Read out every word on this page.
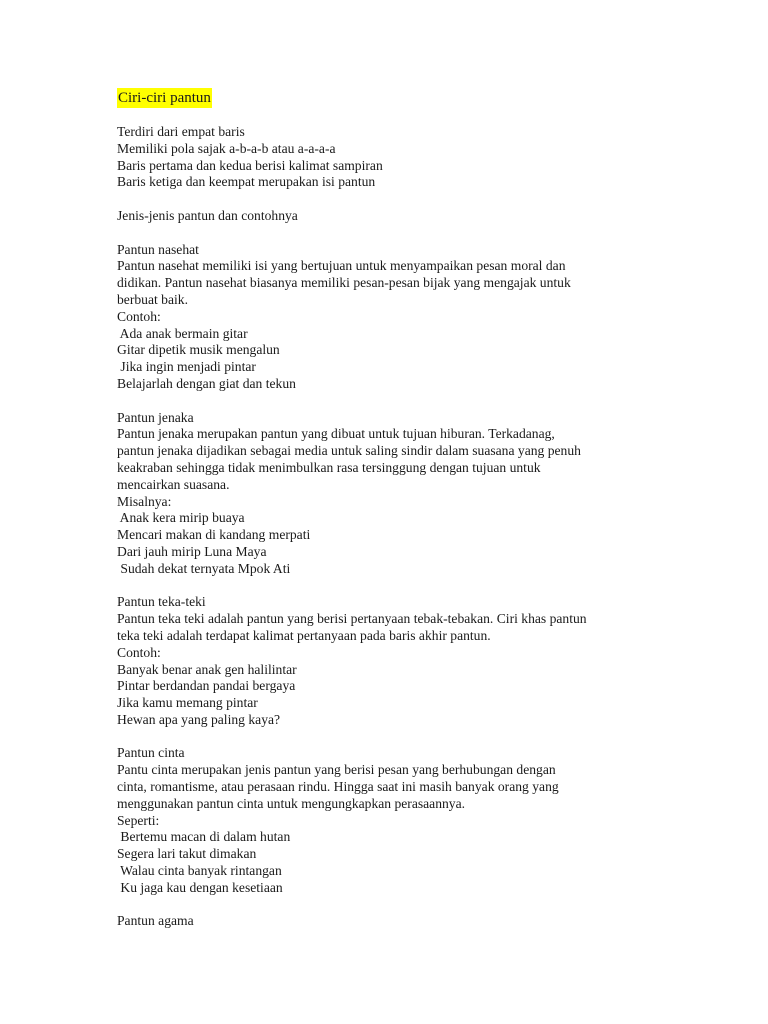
Ciri-ciri pantun
Terdiri dari empat baris
Memiliki pola sajak a-b-a-b atau a-a-a-a
Baris pertama dan kedua berisi kalimat sampiran
Baris ketiga dan keempat merupakan isi pantun
Jenis-jenis pantun dan contohnya
Pantun nasehat
Pantun nasehat memiliki isi yang bertujuan untuk menyampaikan pesan moral dan
didikan. Pantun nasehat biasanya memiliki pesan-pesan bijak yang mengajak untuk
berbuat baik.
Contoh:
Ada anak bermain gitar
Gitar dipetik musik mengalun
Jika ingin menjadi pintar
Belajarlah dengan giat dan tekun
Pantun jenaka
Pantun jenaka merupakan pantun yang dibuat untuk tujuan hiburan. Terkadanag,
pantun jenaka dijadikan sebagai media untuk saling sindir dalam suasana yang penuh
keakraban sehingga tidak menimbulkan rasa tersinggung dengan tujuan untuk
mencairkan suasana.
Misalnya:
Anak kera mirip buaya
Mencari makan di kandang merpati
Dari jauh mirip Luna Maya
Sudah dekat ternyata Mpok Ati
Pantun teka-teki
Pantun teka teki adalah pantun yang berisi pertanyaan tebak-tebakan. Ciri khas pantun
teka teki adalah terdapat kalimat pertanyaan pada baris akhir pantun.
Contoh:
Banyak benar anak gen halilintar
Pintar berdandan pandai bergaya
Jika kamu memang pintar
Hewan apa yang paling kaya?
Pantun cinta
Pantu cinta merupakan jenis pantun yang berisi pesan yang berhubungan dengan
cinta, romantisme, atau perasaan rindu. Hingga saat ini masih banyak orang yang
menggunakan pantun cinta untuk mengungkapkan perasaannya.
Seperti:
Bertemu macan di dalam hutan
Segera lari takut dimakan
Walau cinta banyak rintangan
Ku jaga kau dengan kesetiaan
Pantun agama
